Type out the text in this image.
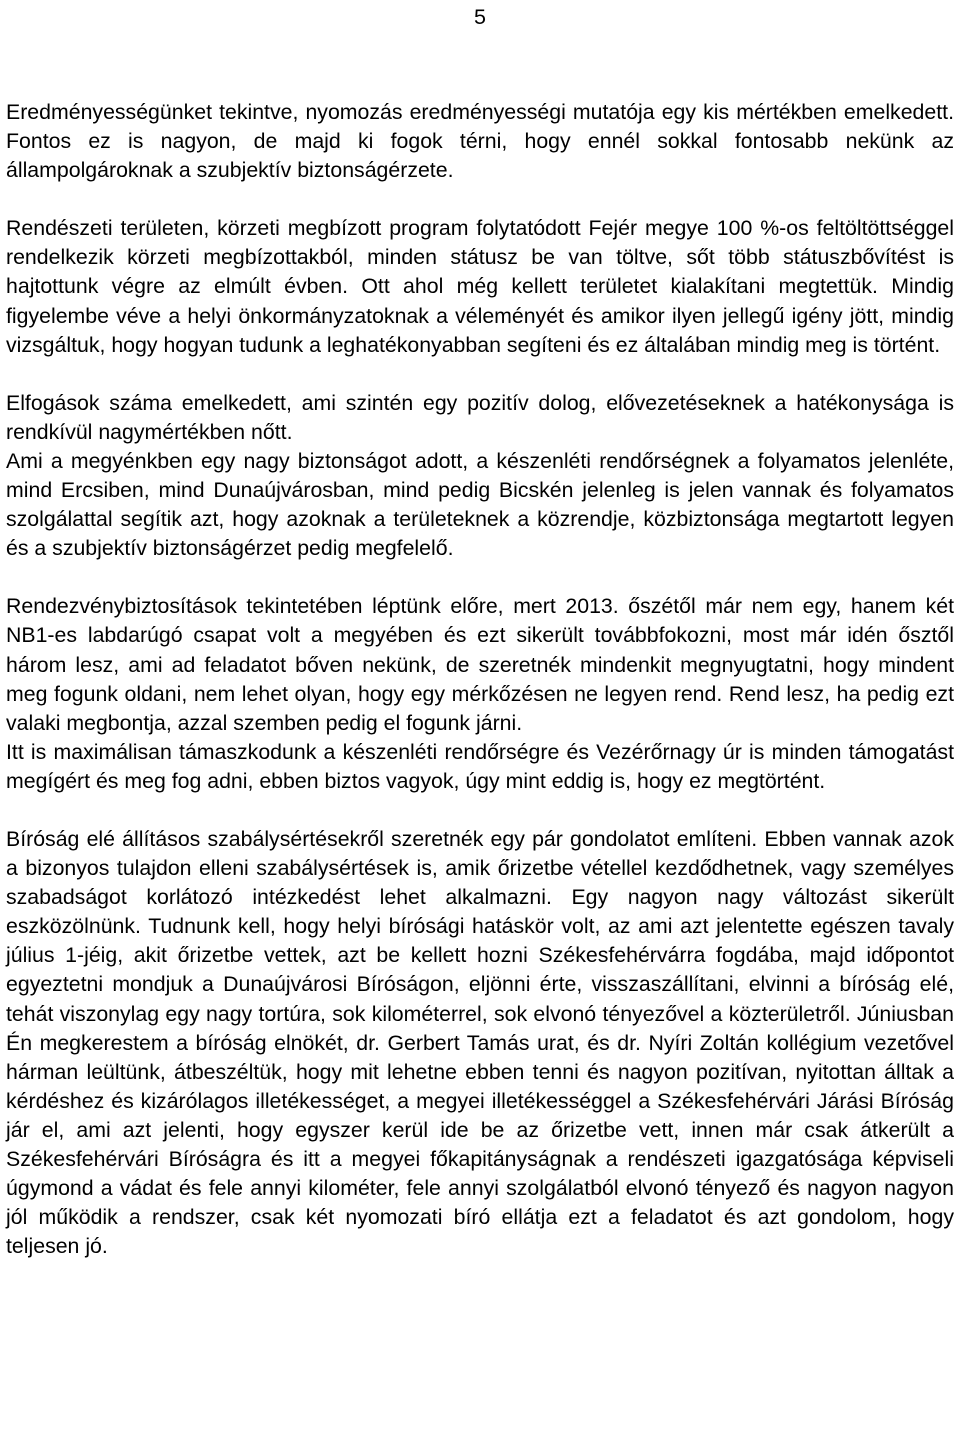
5

Eredményességünket tekintve, nyomozás eredményességi mutatója egy kis mértékben emelkedett. Fontos ez is nagyon, de majd ki fogok térni, hogy ennél sokkal fontosabb nekünk az állampolgároknak a szubjektív biztonságérzete.

Rendészeti területen, körzeti megbízott program folytatódott Fejér megye 100 %-os feltöltöttséggel rendelkezik körzeti megbízottakból, minden státusz be van töltve, sőt több státuszbővítést is hajtottunk végre az elmúlt évben. Ott ahol még kellett területet kialakítani megtettük. Mindig figyelembe véve a helyi önkormányzatoknak a véleményét és amikor ilyen jellegű igény jött, mindig vizsgáltuk, hogy hogyan tudunk a leghatékonyabban segíteni és ez általában mindig meg is történt.

Elfogások száma emelkedett, ami szintén egy pozitív dolog, elővezetéseknek a hatékonysága is rendkívül nagymértékben nőtt.

Ami a megyénkben egy nagy biztonságot adott, a készenléti rendőrségnek a folyamatos jelenléte, mind Ercsiben, mind Dunaújvárosban, mind pedig Bicskén jelenleg is jelen vannak és folyamatos szolgálattal segítik azt, hogy azoknak a területeknek a közrendje, közbiztonsága megtartott legyen és a szubjektív biztonságérzet pedig megfelelő.

Rendezvénybiztosítások tekintetében léptünk előre, mert 2013. őszétől már nem egy, hanem két NB1-es labdarúgó csapat volt a megyében és ezt sikerült továbbfokozni, most már idén ősztől három lesz, ami ad feladatot bőven nekünk, de szeretnék mindenkit megnyugtatni, hogy mindent meg fogunk oldani, nem lehet olyan, hogy egy mérkőzésen ne legyen rend. Rend lesz, ha pedig ezt valaki megbontja, azzal szemben pedig el fogunk járni.

Itt is maximálisan támaszkodunk a készenléti rendőrségre és Vezérőrnagy úr is minden támogatást megígért és meg fog adni, ebben biztos vagyok, úgy mint eddig is, hogy ez megtörtént.

Bíróság elé állításos szabálysértésekről szeretnék egy pár gondolatot említeni. Ebben vannak azok a bizonyos tulajdon elleni szabálysértések is, amik őrizetbe vétellel kezdődhetnek, vagy személyes szabadságot korlátozó intézkedést lehet alkalmazni. Egy nagyon nagy változást sikerült eszközölnünk. Tudnunk kell, hogy helyi bírósági hatáskör volt, az ami azt jelentette egészen tavaly július 1-jéig, akit őrizetbe vettek, azt be kellett hozni Székesfehérvárra fogdába, majd időpontot egyeztetni mondjuk a Dunaújvárosi Bíróságon, eljönni érte, visszaszállítani, elvinni a bíróság elé, tehát viszonylag egy nagy tortúra, sok kilométerrel, sok elvonó tényezővel a közterületről. Júniusban Én megkerestem a bíróság elnökét, dr. Gerbert Tamás urat, és dr. Nyíri Zoltán kollégium vezetővel hárman leültünk, átbeszéltük, hogy mit lehetne ebben tenni és nagyon pozitívan, nyitottan álltak a kérdéshez és kizárólagos illetékességet, a megyei illetékességgel a Székesfehérvári Járási Bíróság jár el, ami azt jelenti, hogy egyszer kerül ide be az őrizetbe vett, innen már csak átkerült a Székesfehérvári Bíróságra és itt a megyei főkapitányságnak a rendészeti igazgatósága képviseli úgymond a vádat és fele annyi kilométer, fele annyi szolgálatból elvonó tényező és nagyon nagyon jól működik a rendszer, csak két nyomozati bíró ellátja ezt a feladatot és azt gondolom, hogy teljesen jó.
